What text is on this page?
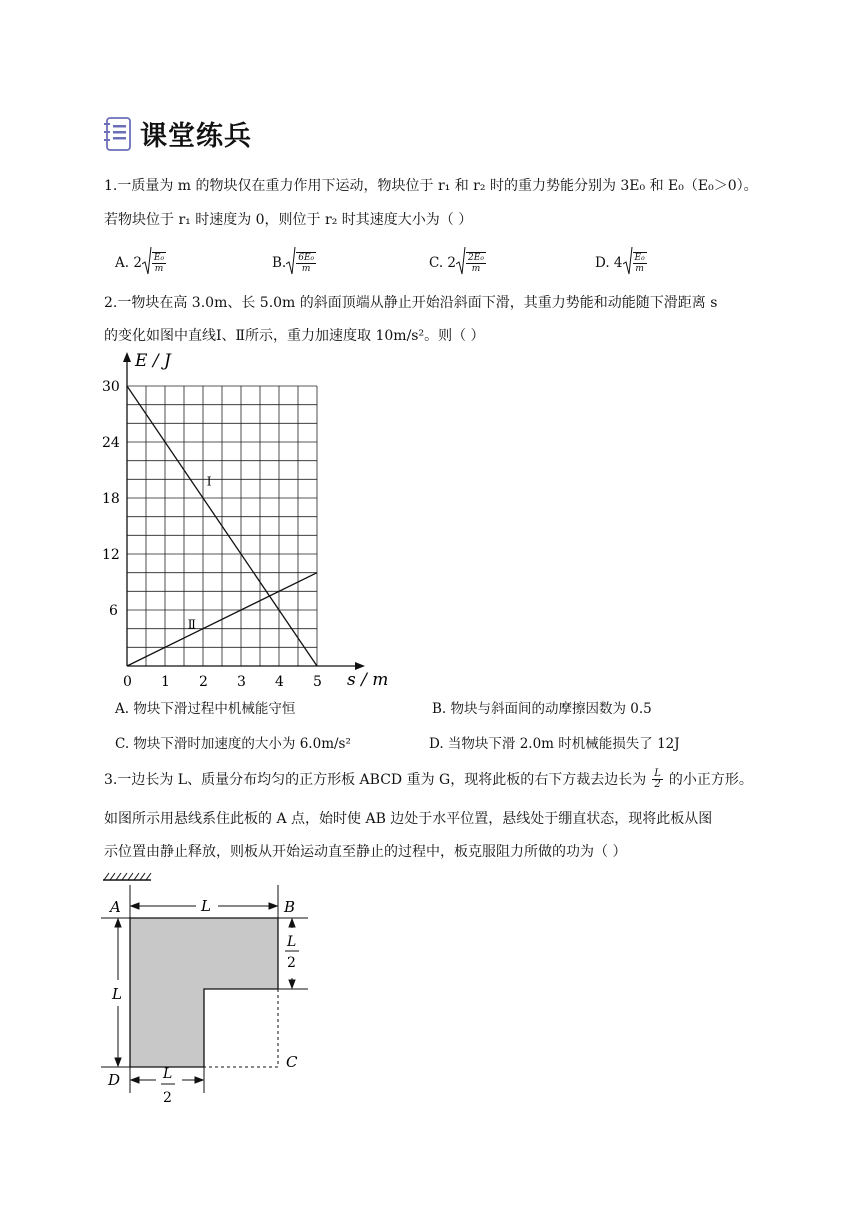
课堂练兵
1.一质量为 m 的物块仅在重力作用下运动，物块位于 r₁ 和 r₂ 时的重力势能分别为 3E₀ 和 E₀（E₀＞0）。
若物块位于 r₁ 时速度为 0，则位于 r₂ 时其速度大小为（ ）
A. $2 \frac{\text{E₀}}{m}$	B. $\frac{\text{6E₀}}{m}$	C. $2 \frac{\text{2E₀}}{m}$	D. $4 \frac{\text{E₀}}{m}$
2.一物块在高 3.0m、长 5.0m 的斜面顶端从静止开始沿斜面下滑，其重力势能和动能随下滑距离 s
的变化如图中直线Ⅰ、Ⅱ所示，重力加速度取 10m/s²。则（ ）
Ⅰ
Ⅱ
0 1 2 3 4 5
6
12
18
24
30
E / J
s / m
A. 物块下滑过程中机械能守恒	B. 物块与斜面间的动摩擦因数为 0.5
C. 物块下滑时加速度的大小为 6.0m/s²	D. 当物块下滑 2.0m 时机械能损失了 12J
3.一边长为 L、质量分布均匀的正方形板 ABCD 重为 G，现将此板的右下方裁去边长为 $\frac{L}{2}$ 的小正方形。
如图所示用悬线系住此板的 A 点，始时使 AB 边处于水平位置，悬线处于绷直状态，现将此板从图
示位置由静止释放，则板从开始运动直至静止的过程中，板克服阻力所做的功为（ ）
A	B
C
D
L
L
L
2
L
2
